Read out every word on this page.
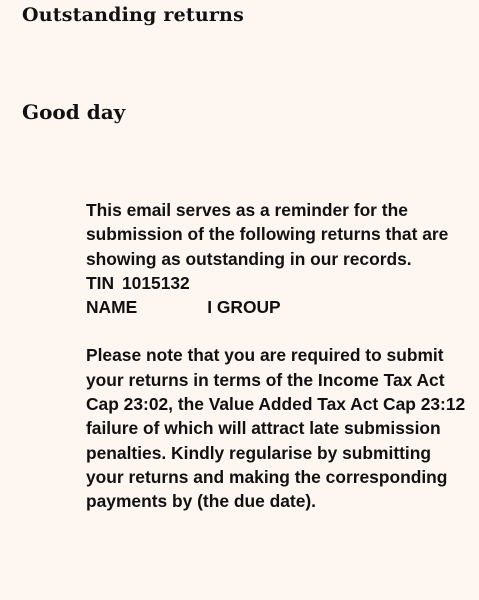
Outstanding returns
Good day

This email serves as a reminder for the submission of the following returns that are showing as outstanding in our records.

TIN 1015132
NAME	I GROUP

Please note that you are required to submit your returns in terms of the Income Tax Act Cap 23:02, the Value Added Tax Act Cap 23:12 failure of which will attract late submission penalties. Kindly regularise by submitting your returns and making the corresponding payments by (the due date).
